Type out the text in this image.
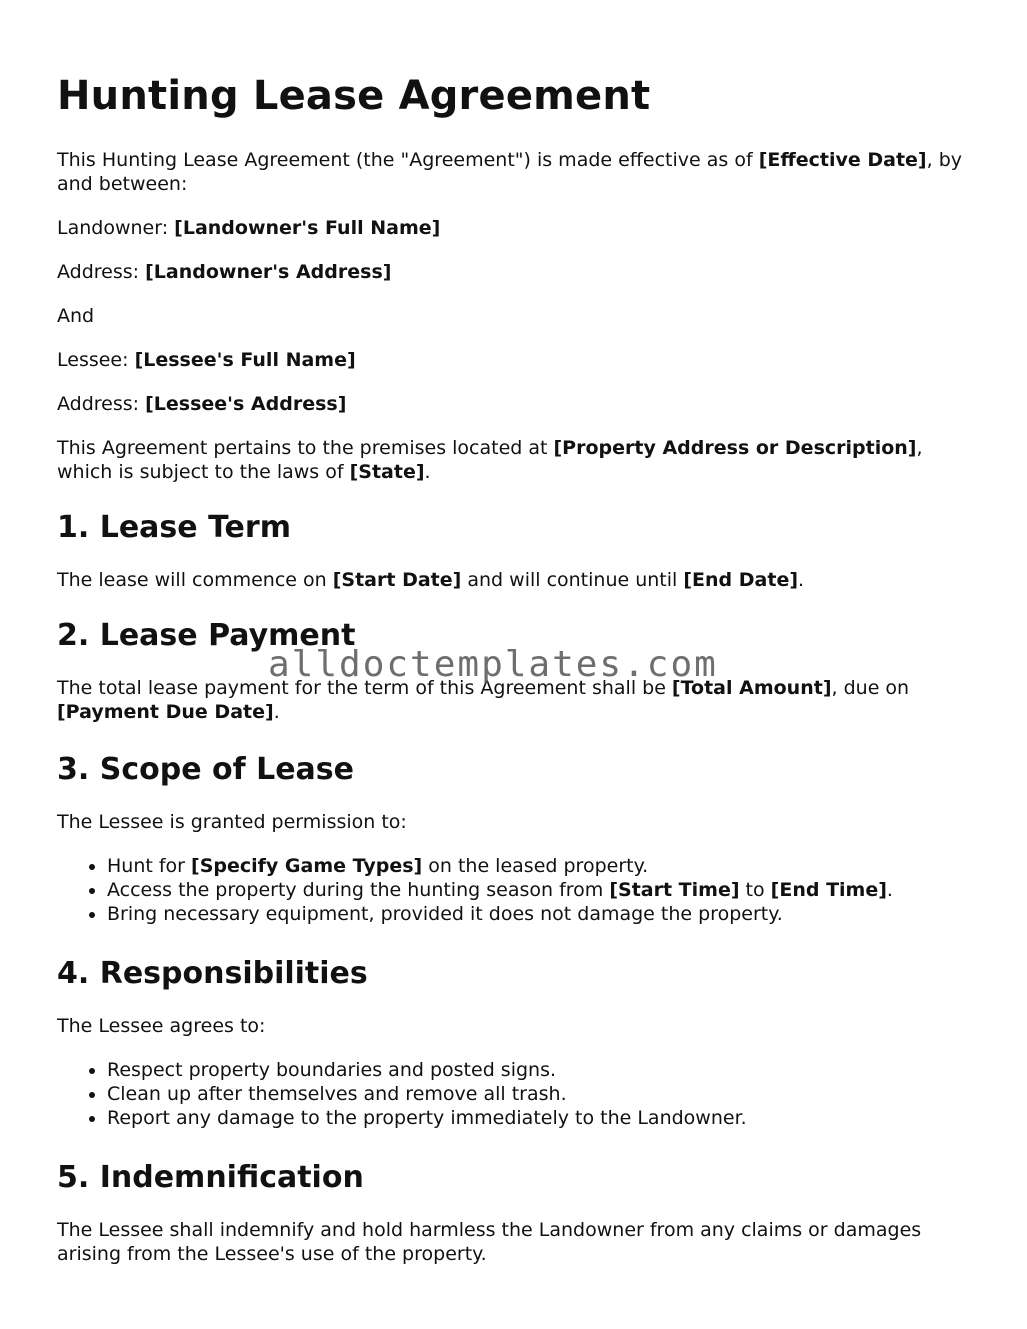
Hunting Lease Agreement

This Hunting Lease Agreement (the "Agreement") is made effective as of [Effective Date], by and between:

Landowner: [Landowner's Full Name]

Address: [Landowner's Address]

And

Lessee: [Lessee's Full Name]

Address: [Lessee's Address]

This Agreement pertains to the premises located at [Property Address or Description], which is subject to the laws of [State].

1. Lease Term

The lease will commence on [Start Date] and will continue until [End Date].

2. Lease Payment

The total lease payment for the term of this Agreement shall be [Total Amount], due on [Payment Due Date].

3. Scope of Lease

The Lessee is granted permission to:

• Hunt for [Specify Game Types] on the leased property.
• Access the property during the hunting season from [Start Time] to [End Time].
• Bring necessary equipment, provided it does not damage the property.
4. Responsibilities

The Lessee agrees to:

• Respect property boundaries and posted signs.
• Clean up after themselves and remove all trash.
• Report any damage to the property immediately to the Landowner.
5. Indemnification

The Lessee shall indemnify and hold harmless the Landowner from any claims or damages arising from the Lessee's use of the property.

alldoctemplates.com
